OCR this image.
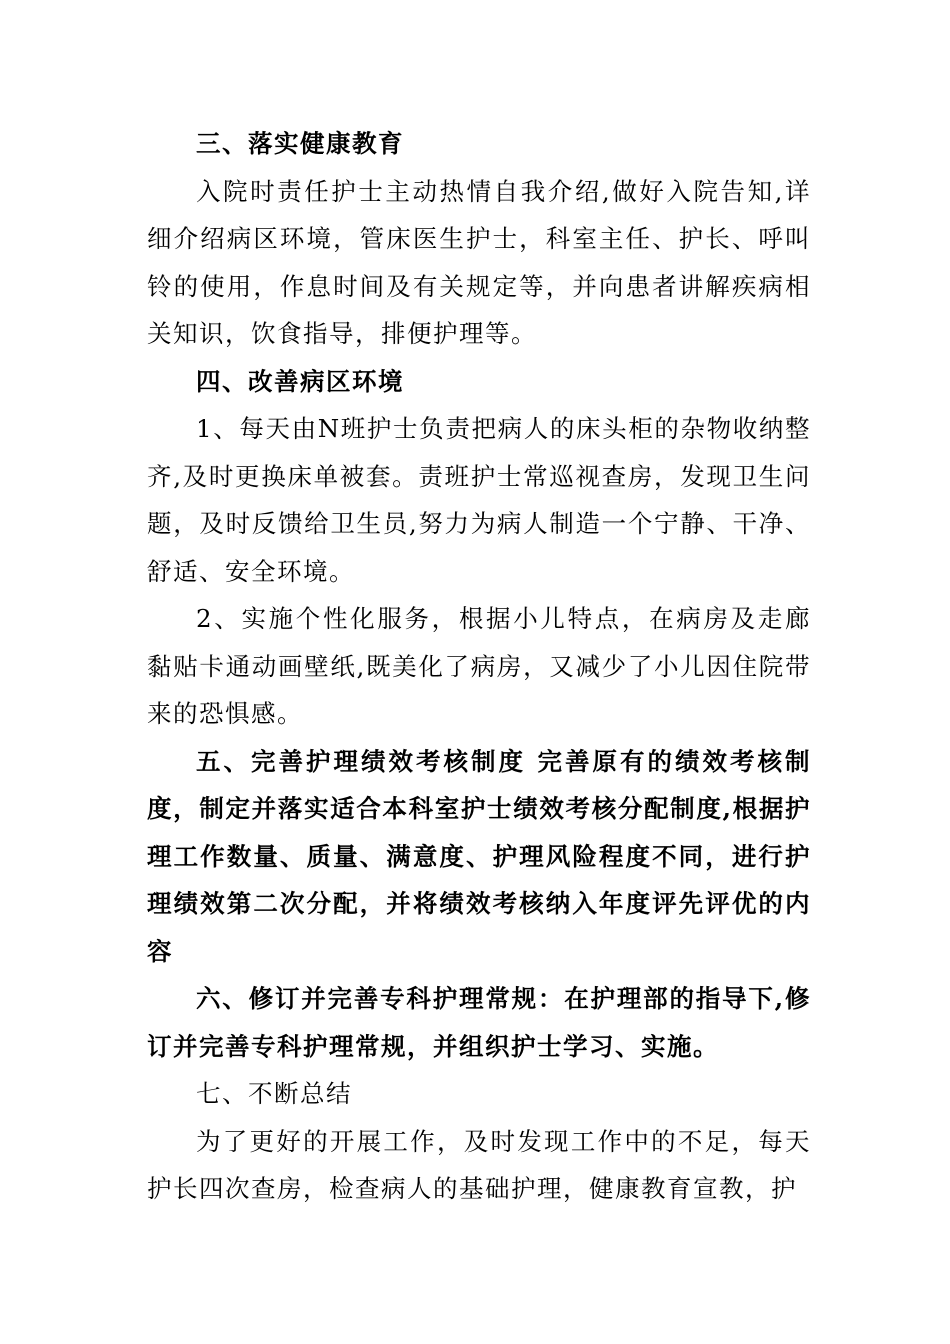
三、落实健康教育

入院时责任护士主动热情自我介绍,做好入院告知,详细介绍病区环境，管床医生护士，科室主任、护长、呼叫铃的使用，作息时间及有关规定等，并向患者讲解疾病相关知识，饮食指导，排便护理等。

四、改善病区环境

1、每天由N班护士负责把病人的床头柜的杂物收纳整齐,及时更换床单被套。责班护士常巡视查房，发现卫生问题，及时反馈给卫生员,努力为病人制造一个宁静、干净、舒适、安全环境。

2、实施个性化服务，根据小儿特点，在病房及走廊黏贴卡通动画壁纸,既美化了病房，又减少了小儿因住院带来的恐惧感。

五、完善护理绩效考核制度 完善原有的绩效考核制度，制定并落实适合本科室护士绩效考核分配制度,根据护理工作数量、质量、满意度、护理风险程度不同，进行护理绩效第二次分配，并将绩效考核纳入年度评先评优的内容

六、修订并完善专科护理常规：在护理部的指导下,修订并完善专科护理常规，并组织护士学习、实施。

七、不断总结

为了更好的开展工作，及时发现工作中的不足，每天护长四次查房，检查病人的基础护理，健康教育宣教，护
